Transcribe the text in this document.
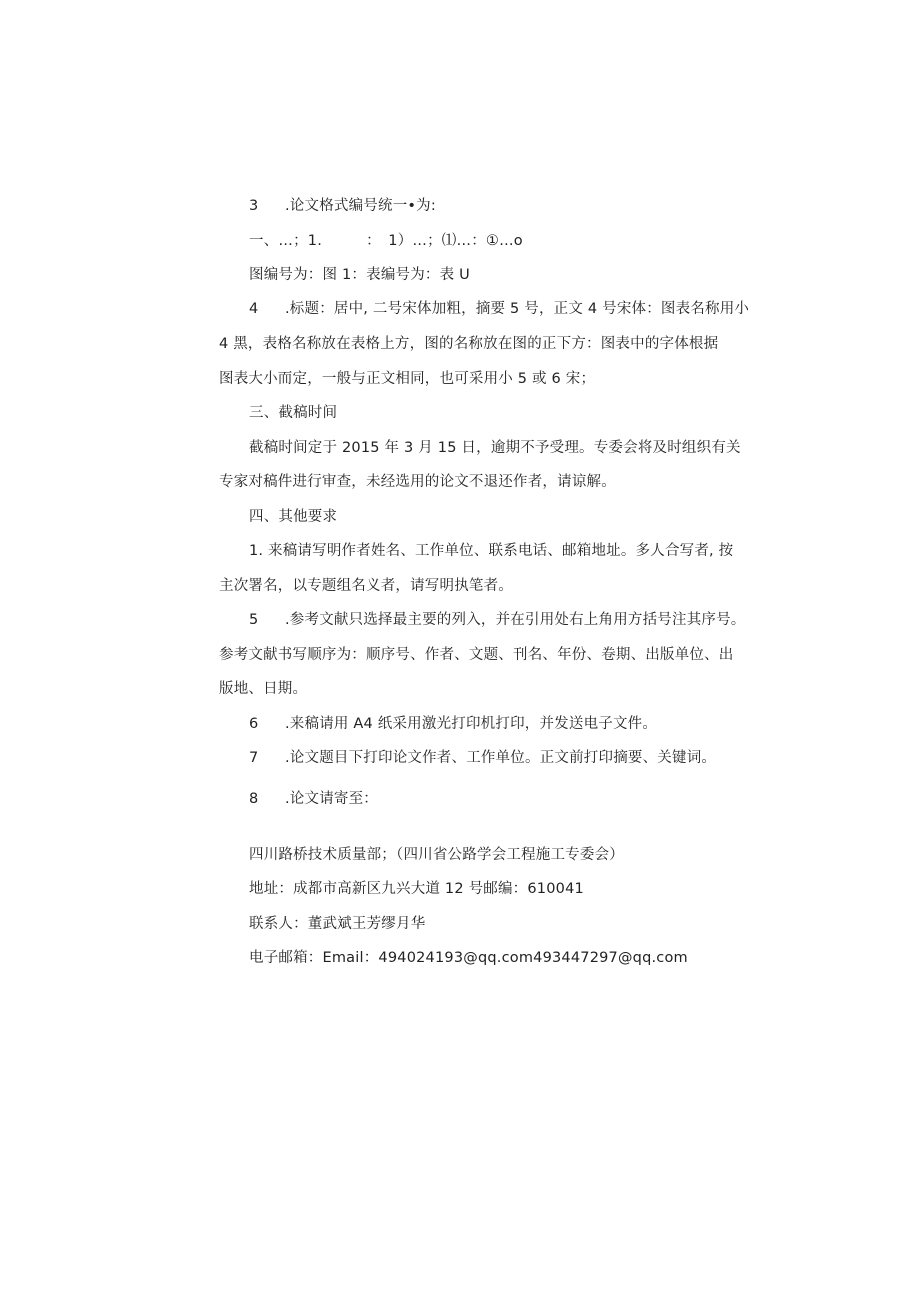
3 .论文格式编号统一•为:
一、…；1.　　　：　1）…；⑴…：①…o
图编号为：图 1：表编号为：表 U
4 .标题：居中, 二号宋体加粗，摘要 5 号，正文 4 号宋体：图表名称用小
4 黑，表格名称放在表格上方，图的名称放在图的正下方：图表中的字体根据
图表大小而定，一般与正文相同，也可采用小 5 或 6 宋；
三、截稿时间
截稿时间定于 2015 年 3 月 15 日，逾期不予受理。专委会将及时组织有关
专家对稿件进行审查，未经选用的论文不退还作者，请谅解。
四、其他要求
1. 来稿请写明作者姓名、工作单位、联系电话、邮箱地址。多人合写者, 按
主次署名，以专题组名义者，请写明执笔者。
5 .参考文献只选择最主要的列入，并在引用处右上角用方括号注其序号。
参考文献书写顺序为：顺序号、作者、文题、刊名、年份、卷期、出版单位、出
版地、日期。
6 .来稿请用 A4 纸采用激光打印机打印，并发送电子文件。
7 .论文题目下打印论文作者、工作单位。正文前打印摘要、关键词。
8 .论文请寄至：
四川路桥技术质量部；（四川省公路学会工程施工专委会）
地址：成都市高新区九兴大道 12 号邮编：610041
联系人：董武斌王芳缪月华
电子邮箱：Email：494024193@qq.com493447297@qq.com
